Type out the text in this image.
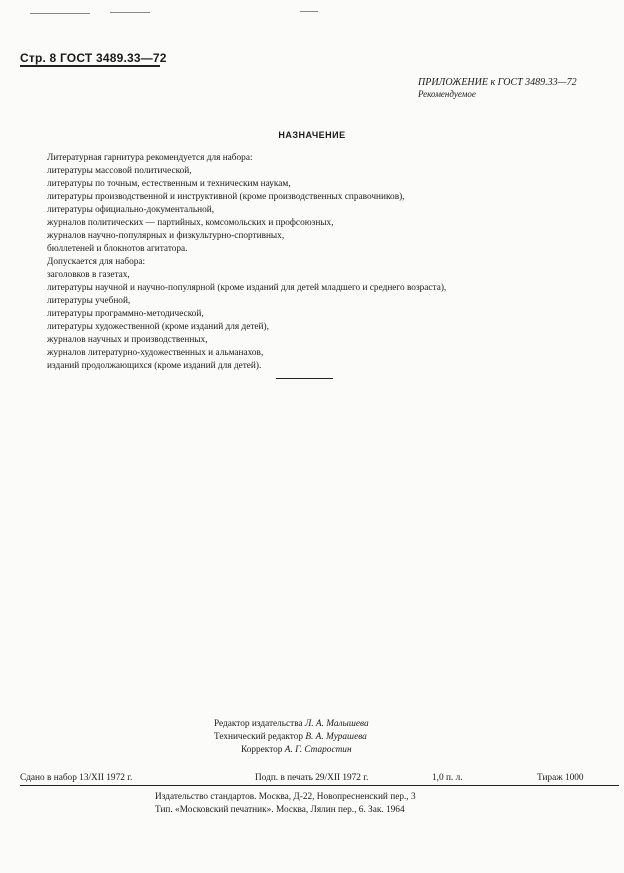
Стр. 8 ГОСТ 3489.33—72
ПРИЛОЖЕНИЕ к ГОСТ 3489.33—72
Рекомендуемое
НАЗНАЧЕНИЕ
Литературная гарнитура рекомендуется для набора:
литературы массовой политической,
литературы по точным, естественным и техническим наукам,
литературы производственной и инструктивной (кроме производственных справочников),
литературы официально-документальной,
журналов политических — партийных, комсомольских и профсоюзных,
журналов научно-популярных и физкультурно-спортивных,
бюллетеней и блокнотов агитатора.
Допускается для набора:
заголовков в газетах,
литературы научной и научно-популярной (кроме изданий для детей младшего и среднего возраста),
литературы учебной,
литературы программно-методической,
литературы художественной (кроме изданий для детей),
журналов научных и производственных,
журналов литературно-художественных и альманахов,
изданий продолжающихся (кроме изданий для детей).
Редактор издательства Л. А. Малышева
Технический редактор В. А. Мурашева
Корректор А. Г. Старостин
Сдано в набор 13/XII 1972 г.	Подп. в печать 29/XII 1972 г.	1,0 п. л.	Тираж 1000
Издательство стандартов. Москва, Д-22, Новопресненский пер., 3
Тип. «Московский печатник». Москва, Лялин пер., 6. Зак. 1964
